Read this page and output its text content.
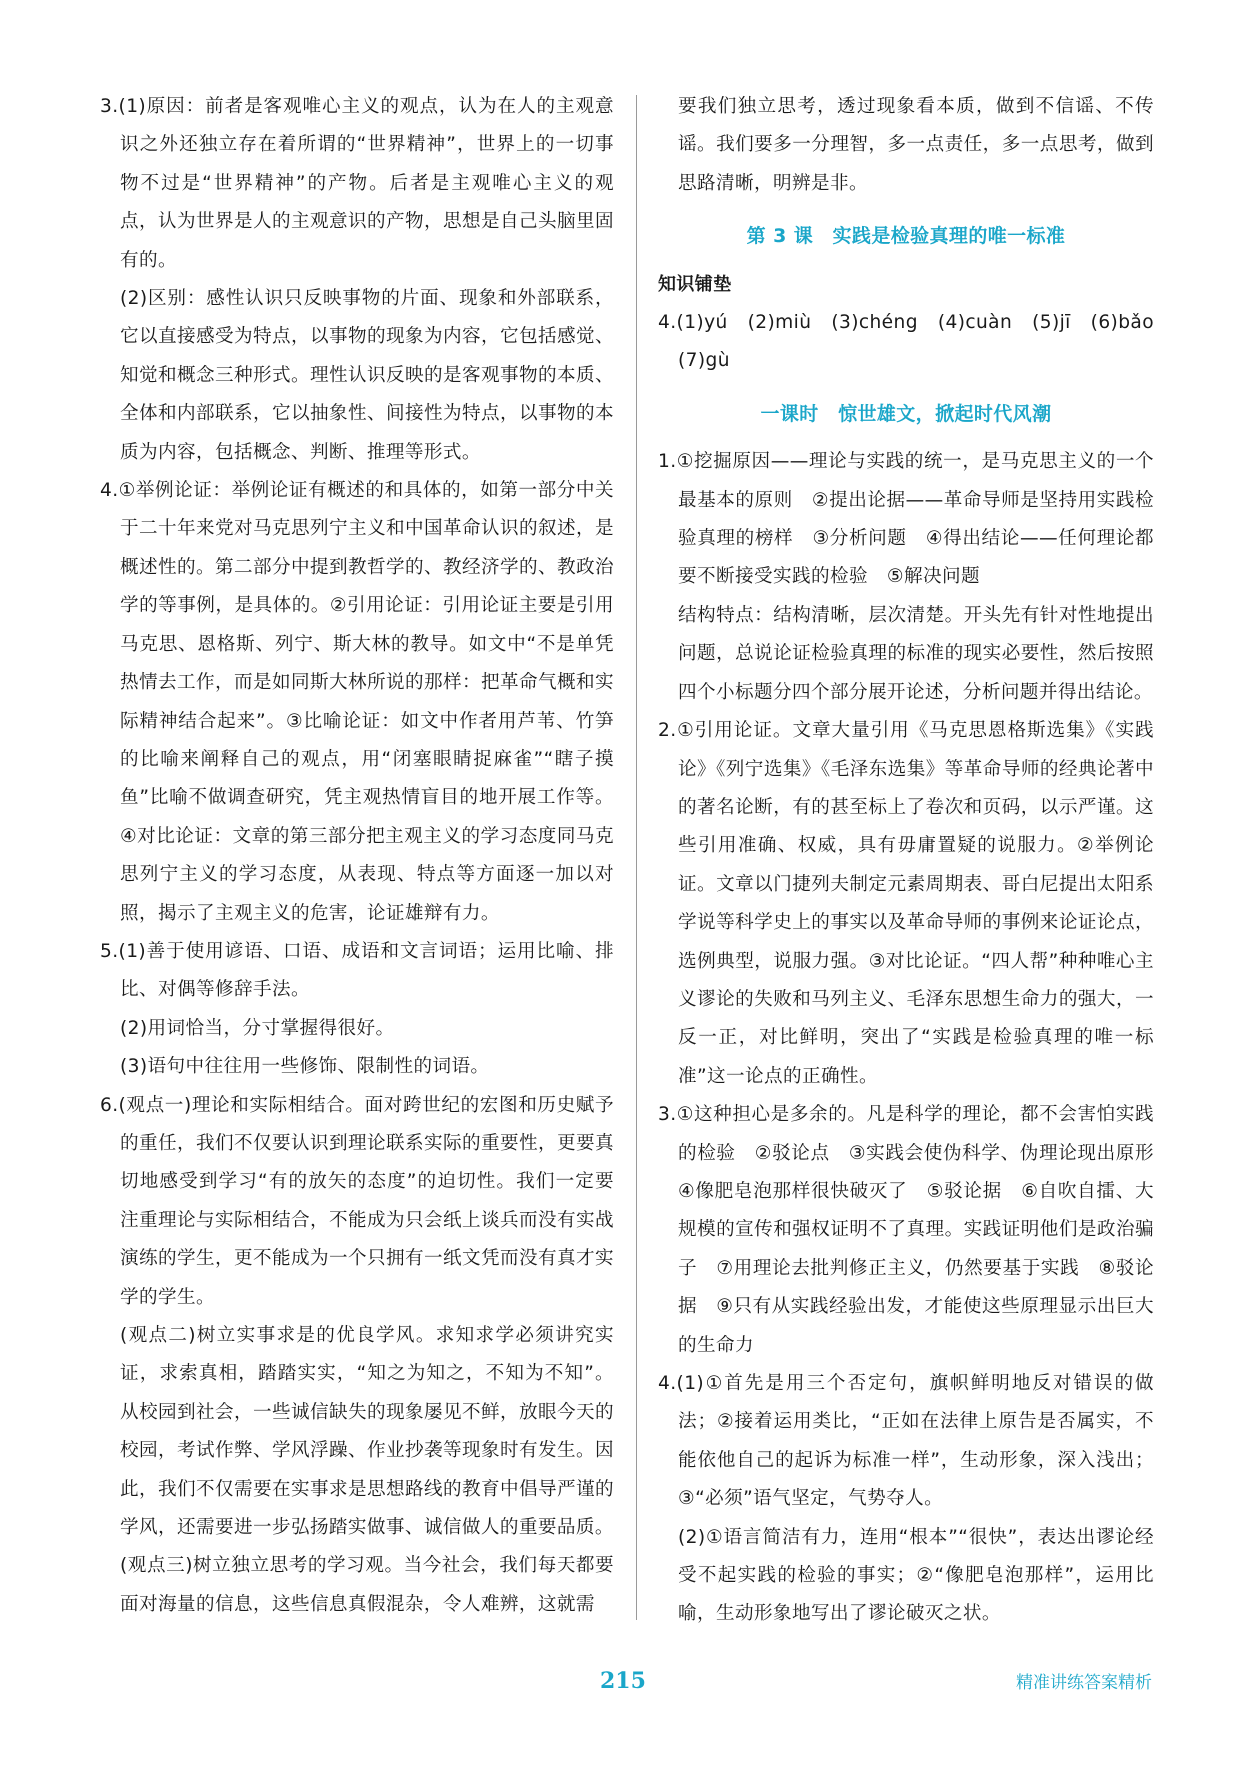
3.(1)原因：前者是客观唯心主义的观点，认为在人的主观意识之外还独立存在着所谓的“世界精神”，世界上的一切事物不过是“世界精神”的产物。后者是主观唯心主义的观点，认为世界是人的主观意识的产物，思想是自己头脑里固有的。

(2)区别：感性认识只反映事物的片面、现象和外部联系，它以直接感受为特点，以事物的现象为内容，它包括感觉、知觉和概念三种形式。理性认识反映的是客观事物的本质、全体和内部联系，它以抽象性、间接性为特点，以事物的本质为内容，包括概念、判断、推理等形式。

4.①举例论证：举例论证有概述的和具体的，如第一部分中关于二十年来党对马克思列宁主义和中国革命认识的叙述，是概述性的。第二部分中提到教哲学的、教经济学的、教政治学的等事例，是具体的。②引用论证：引用论证主要是引用马克思、恩格斯、列宁、斯大林的教导。如文中“不是单凭热情去工作，而是如同斯大林所说的那样：把革命气概和实际精神结合起来”。③比喻论证：如文中作者用芦苇、竹笋的比喻来阐释自己的观点，用“闭塞眼睛捉麻雀”“瞎子摸鱼”比喻不做调查研究，凭主观热情盲目的地开展工作等。④对比论证：文章的第三部分把主观主义的学习态度同马克思列宁主义的学习态度，从表现、特点等方面逐一加以对照，揭示了主观主义的危害，论证雄辩有力。

5.(1)善于使用谚语、口语、成语和文言词语；运用比喻、排比、对偶等修辞手法。

(2)用词恰当，分寸掌握得很好。

(3)语句中往往用一些修饰、限制性的词语。

6.(观点一)理论和实际相结合。面对跨世纪的宏图和历史赋予的重任，我们不仅要认识到理论联系实际的重要性，更要真切地感受到学习“有的放矢的态度”的迫切性。我们一定要注重理论与实际相结合，不能成为只会纸上谈兵而没有实战演练的学生，更不能成为一个只拥有一纸文凭而没有真才实学的学生。

(观点二)树立实事求是的优良学风。求知求学必须讲究实证，求索真相，踏踏实实，“知之为知之，不知为不知”。从校园到社会，一些诚信缺失的现象屡见不鲜，放眼今天的校园，考试作弊、学风浮躁、作业抄袭等现象时有发生。因此，我们不仅需要在实事求是思想路线的教育中倡导严谨的学风，还需要进一步弘扬踏实做事、诚信做人的重要品质。

(观点三)树立独立思考的学习观。当今社会，我们每天都要面对海量的信息，这些信息真假混杂，令人难辨，这就需

要我们独立思考，透过现象看本质，做到不信谣、不传谣。我们要多一分理智，多一点责任，多一点思考，做到思路清晰，明辨是非。

第 3 课　实践是检验真理的唯一标准
知识铺垫

4.(1)yú　(2)miù　(3)chéng　(4)cuàn　(5)jī　(6)bǎo　(7)gù

一课时　惊世雄文，掀起时代风潮

1.①挖掘原因——理论与实践的统一，是马克思主义的一个最基本的原则　②提出论据——革命导师是坚持用实践检验真理的榜样　③分析问题　④得出结论——任何理论都要不断接受实践的检验　⑤解决问题

结构特点：结构清晰，层次清楚。开头先有针对性地提出问题，总说论证检验真理的标准的现实必要性，然后按照四个小标题分四个部分展开论述，分析问题并得出结论。

2.①引用论证。文章大量引用《马克思恩格斯选集》《实践论》《列宁选集》《毛泽东选集》等革命导师的经典论著中的著名论断，有的甚至标上了卷次和页码，以示严谨。这些引用准确、权威，具有毋庸置疑的说服力。②举例论证。文章以门捷列夫制定元素周期表、哥白尼提出太阳系学说等科学史上的事实以及革命导师的事例来论证论点，选例典型，说服力强。③对比论证。“四人帮”种种唯心主义谬论的失败和马列主义、毛泽东思想生命力的强大，一反一正，对比鲜明，突出了“实践是检验真理的唯一标准”这一论点的正确性。

3.①这种担心是多余的。凡是科学的理论，都不会害怕实践的检验　②驳论点　③实践会使伪科学、伪理论现出原形　④像肥皂泡那样很快破灭了　⑤驳论据　⑥自吹自擂、大规模的宣传和强权证明不了真理。实践证明他们是政治骗子　⑦用理论去批判修正主义，仍然要基于实践　⑧驳论据　⑨只有从实践经验出发，才能使这些原理显示出巨大的生命力

4.(1)①首先是用三个否定句，旗帜鲜明地反对错误的做法；②接着运用类比，“正如在法律上原告是否属实，不能依他自己的起诉为标准一样”，生动形象，深入浅出；③“必须”语气坚定，气势夺人。

(2)①语言简洁有力，连用“根本”“很快”，表达出谬论经受不起实践的检验的事实；②“像肥皂泡那样”，运用比喻，生动形象地写出了谬论破灭之状。

215	精准讲练答案精析
